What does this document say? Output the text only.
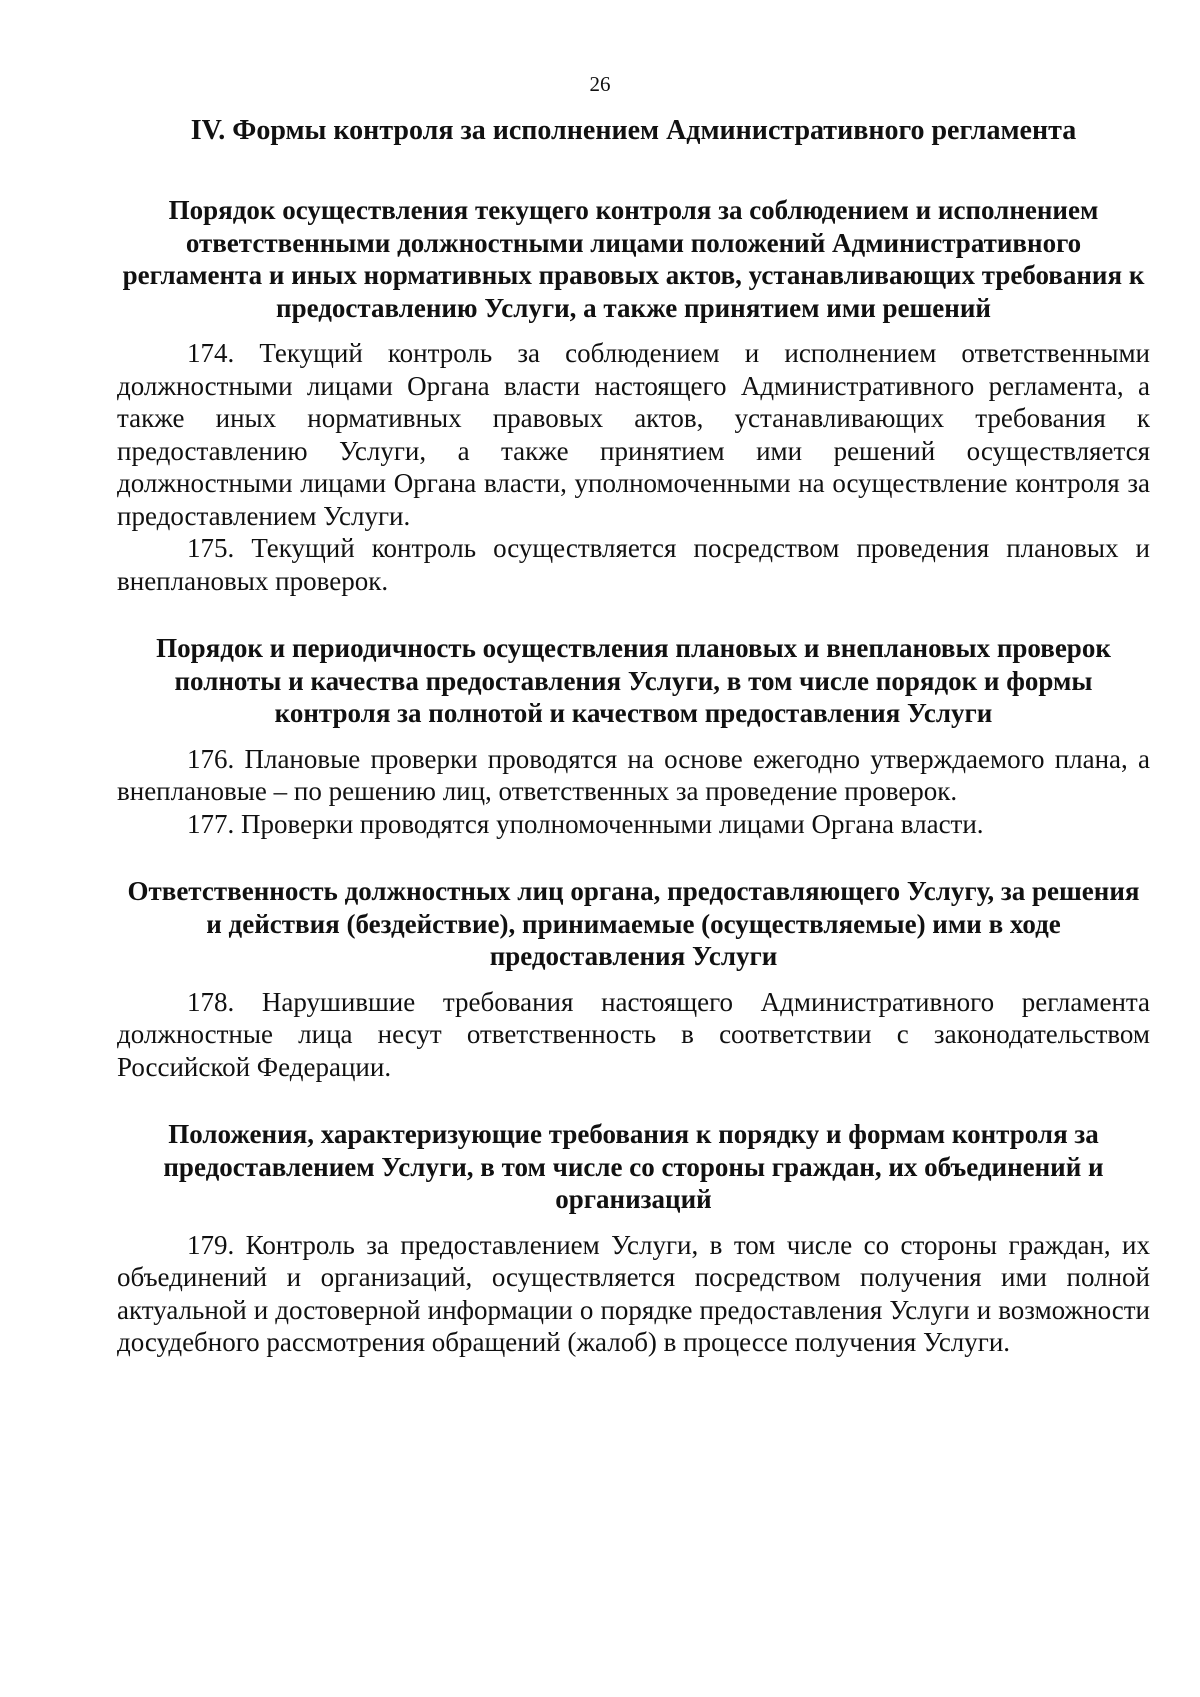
26
IV. Формы контроля за исполнением Административного регламента
Порядок осуществления текущего контроля за соблюдением и исполнением ответственными должностными лицами положений Административного регламента и иных нормативных правовых актов, устанавливающих требования к предоставлению Услуги, а также принятием ими решений

174. Текущий контроль за соблюдением и исполнением ответственными должностными лицами Органа власти настоящего Административного регламента, а также иных нормативных правовых актов, устанавливающих требования к предоставлению Услуги, а также принятием ими решений осуществляется должностными лицами Органа власти, уполномоченными на осуществление контроля за предоставлением Услуги.

175. Текущий контроль осуществляется посредством проведения плановых и внеплановых проверок.

Порядок и периодичность осуществления плановых и внеплановых проверок полноты и качества предоставления Услуги, в том числе порядок и формы контроля за полнотой и качеством предоставления Услуги

176. Плановые проверки проводятся на основе ежегодно утверждаемого плана, а внеплановые – по решению лиц, ответственных за проведение проверок.

177. Проверки проводятся уполномоченными лицами Органа власти.

Ответственность должностных лиц органа, предоставляющего Услугу, за решения и действия (бездействие), принимаемые (осуществляемые) ими в ходе предоставления Услуги

178. Нарушившие требования настоящего Административного регламента должностные лица несут ответственность в соответствии с законодательством Российской Федерации.

Положения, характеризующие требования к порядку и формам контроля за предоставлением Услуги, в том числе со стороны граждан, их объединений и организаций

179. Контроль за предоставлением Услуги, в том числе со стороны граждан, их объединений и организаций, осуществляется посредством получения ими полной актуальной и достоверной информации о порядке предоставления Услуги и возможности досудебного рассмотрения обращений (жалоб) в процессе получения Услуги.
